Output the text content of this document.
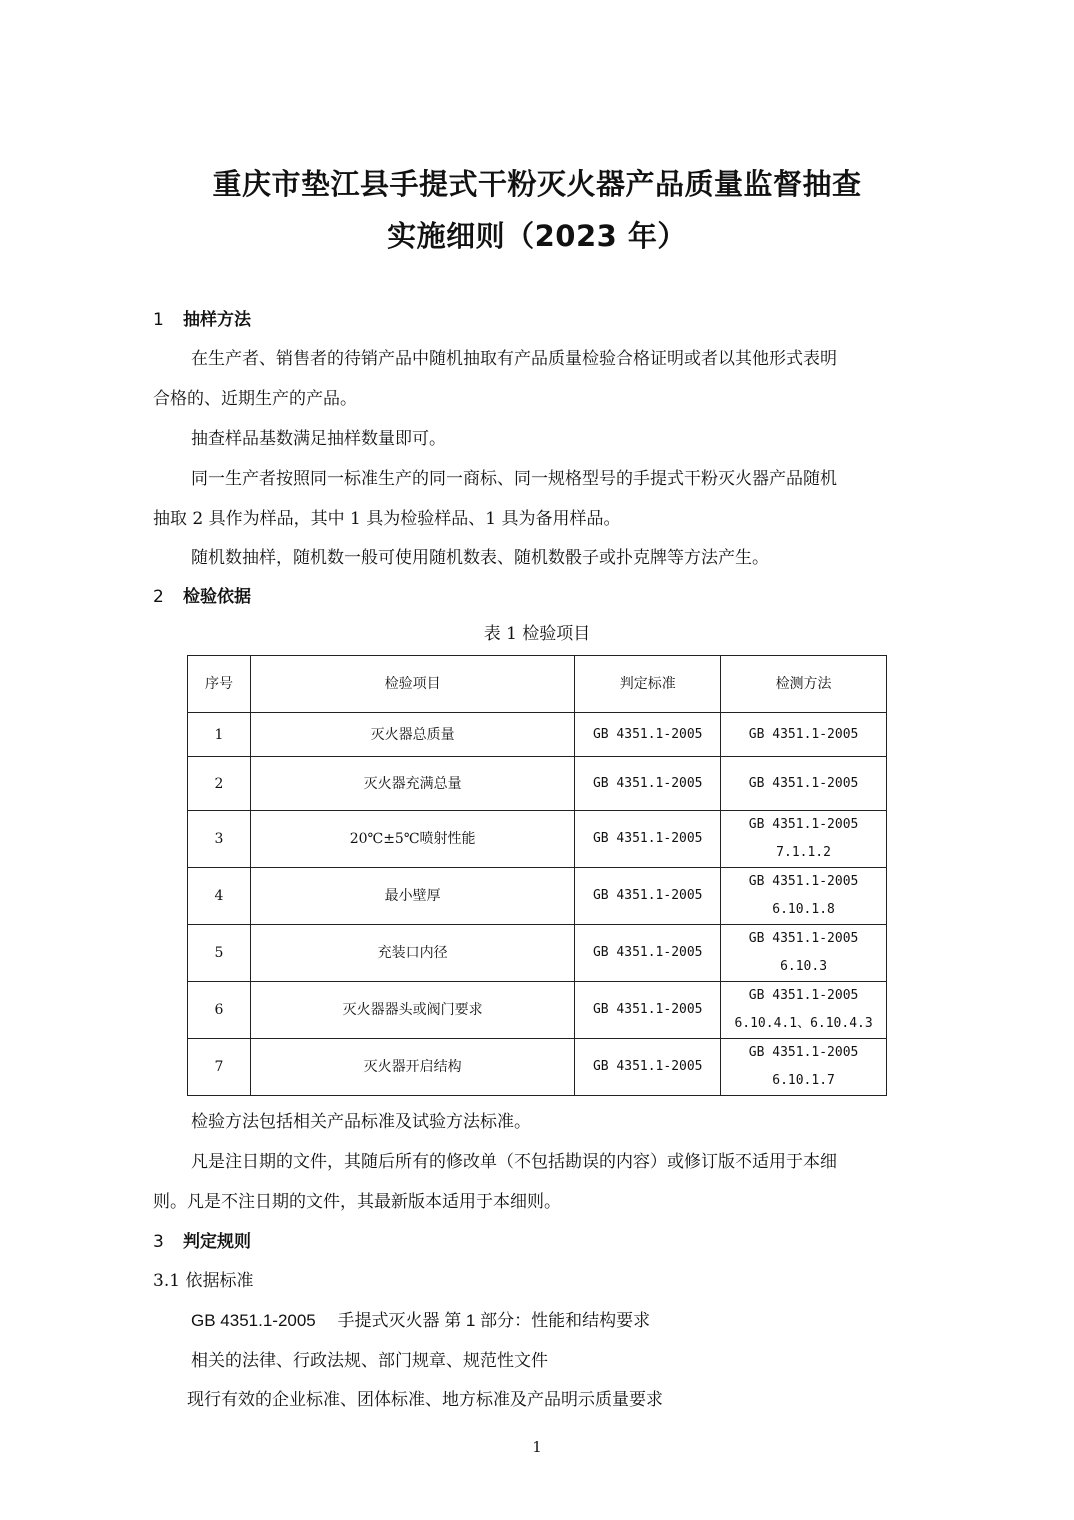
重庆市垫江县手提式干粉灭火器产品质量监督抽查
实施细则（2023 年）
1 抽样方法
在生产者、销售者的待销产品中随机抽取有产品质量检验合格证明或者以其他形式表明
合格的、近期生产的产品。
抽查样品基数满足抽样数量即可。
同一生产者按照同一标准生产的同一商标、同一规格型号的手提式干粉灭火器产品随机
抽取 2 具作为样品，其中 1 具为检验样品、1 具为备用样品。
随机数抽样，随机数一般可使用随机数表、随机数骰子或扑克牌等方法产生。
2 检验依据
表 1 检验项目
序号	检验项目	判定标准	检测方法
1	灭火器总质量	GB 4351.1-2005	GB 4351.1-2005

2	灭火器充满总量	GB 4351.1-2005	GB 4351.1-2005

3	20℃±5℃喷射性能	GB 4351.1-2005	GB 4351.1-2005
7.1.1.2

4	最小壁厚	GB 4351.1-2005	GB 4351.1-2005
6.10.1.8

5	充装口内径	GB 4351.1-2005	GB 4351.1-2005
6.10.3

6	灭火器器头或阀门要求	GB 4351.1-2005	GB 4351.1-2005
6.10.4.1、6.10.4.3

7	灭火器开启结构	GB 4351.1-2005	GB 4351.1-2005
6.10.1.7
检验方法包括相关产品标准及试验方法标准。
凡是注日期的文件，其随后所有的修改单（不包括勘误的内容）或修订版不适用于本细
则。凡是不注日期的文件，其最新版本适用于本细则。
3 判定规则
3.1 依据标准
GB 4351.1-2005　 手提式灭火器 第 1 部分：性能和结构要求
相关的法律、行政法规、部门规章、规范性文件
现行有效的企业标准、团体标准、地方标准及产品明示质量要求
1
